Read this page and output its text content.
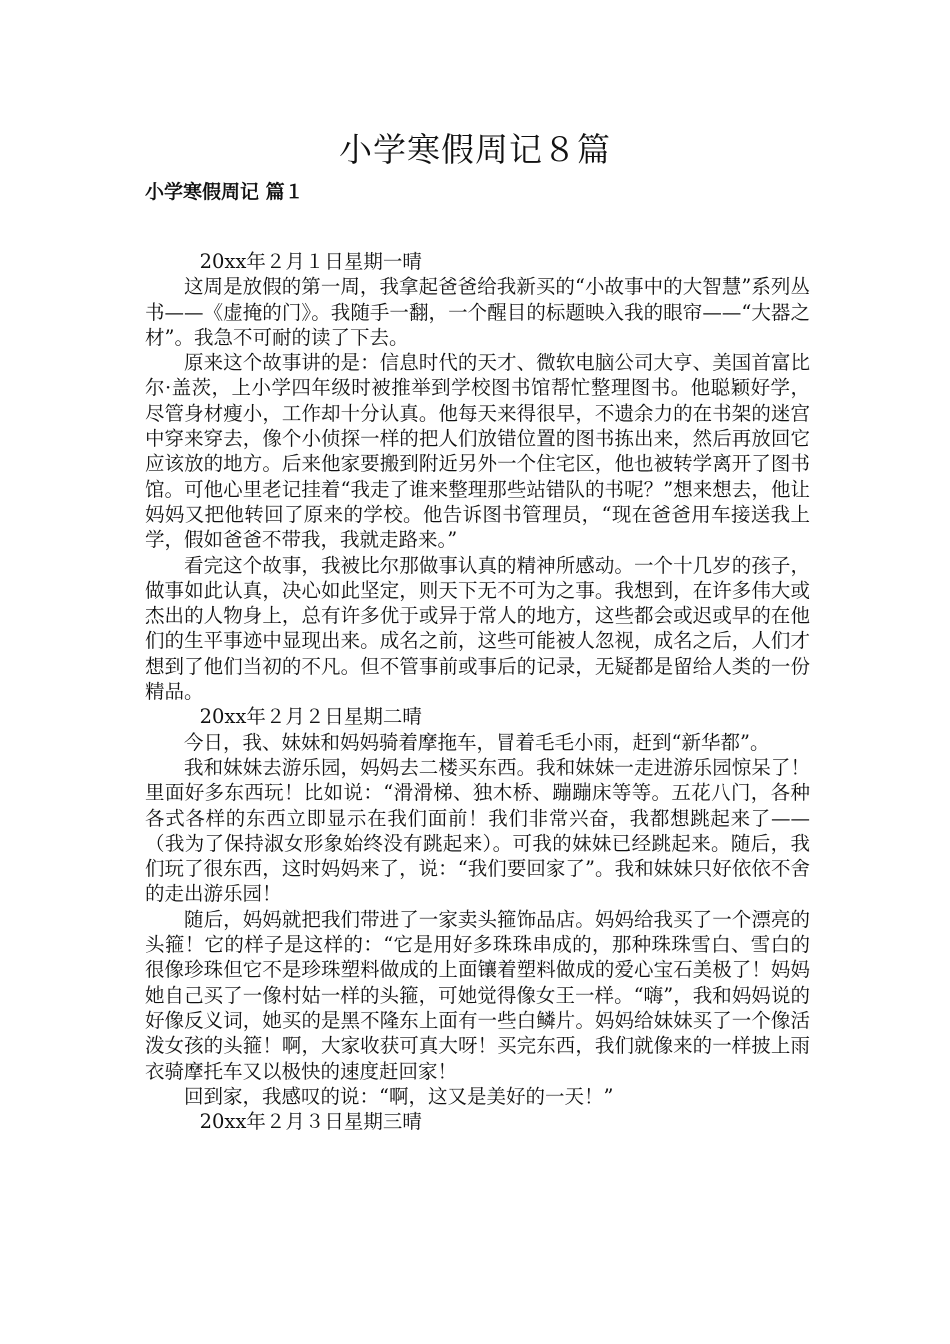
小学寒假周记８篇
小学寒假周记 篇１

20xx年２月１日星期一晴

这周是放假的第一周，我拿起爸爸给我新买的“小故事中的大智慧”系列丛书——《虚掩的门》。我随手一翻，一个醒目的标题映入我的眼帘——“大器之材”。我急不可耐的读了下去。

原来这个故事讲的是：信息时代的天才、微软电脑公司大亨、美国首富比尔·盖茨，上小学四年级时被推举到学校图书馆帮忙整理图书。他聪颖好学，尽管身材瘦小，工作却十分认真。他每天来得很早，不遗余力的在书架的迷宫中穿来穿去，像个小侦探一样的把人们放错位置的图书拣出来，然后再放回它应该放的地方。后来他家要搬到附近另外一个住宅区，他也被转学离开了图书馆。可他心里老记挂着“我走了谁来整理那些站错队的书呢？”想来想去，他让妈妈又把他转回了原来的学校。他告诉图书管理员，“现在爸爸用车接送我上学，假如爸爸不带我，我就走路来。”

看完这个故事，我被比尔那做事认真的精神所感动。一个十几岁的孩子，做事如此认真，决心如此坚定，则天下无不可为之事。我想到，在许多伟大或杰出的人物身上，总有许多优于或异于常人的地方，这些都会或迟或早的在他们的生平事迹中显现出来。成名之前，这些可能被人忽视，成名之后，人们才想到了他们当初的不凡。但不管事前或事后的记录，无疑都是留给人类的一份精品。

20xx年２月２日星期二晴

今日，我、妹妹和妈妈骑着摩拖车，冒着毛毛小雨，赶到“新华都”。

我和妹妹去游乐园，妈妈去二楼买东西。我和妹妹一走进游乐园惊呆了！里面好多东西玩！比如说：“滑滑梯、独木桥、蹦蹦床等等。五花八门，各种各式各样的东西立即显示在我们面前！我们非常兴奋，我都想跳起来了——（我为了保持淑女形象始终没有跳起来）。可我的妹妹已经跳起来。随后，我们玩了很东西，这时妈妈来了，说：“我们要回家了”。我和妹妹只好依依不舍的走出游乐园！

随后，妈妈就把我们带进了一家卖头箍饰品店。妈妈给我买了一个漂亮的头箍！它的样子是这样的：“它是用好多珠珠串成的，那种珠珠雪白、雪白的很像珍珠但它不是珍珠塑料做成的上面镶着塑料做成的爱心宝石美极了！妈妈她自己买了一像村姑一样的头箍，可她觉得像女王一样。“嗨”，我和妈妈说的好像反义词，她买的是黑不隆东上面有一些白鳞片。妈妈给妹妹买了一个像活泼女孩的头箍！啊，大家收获可真大呀！买完东西，我们就像来的一样披上雨衣骑摩托车又以极快的速度赶回家！

回到家，我感叹的说：“啊，这又是美好的一天！”

20xx年２月３日星期三晴
